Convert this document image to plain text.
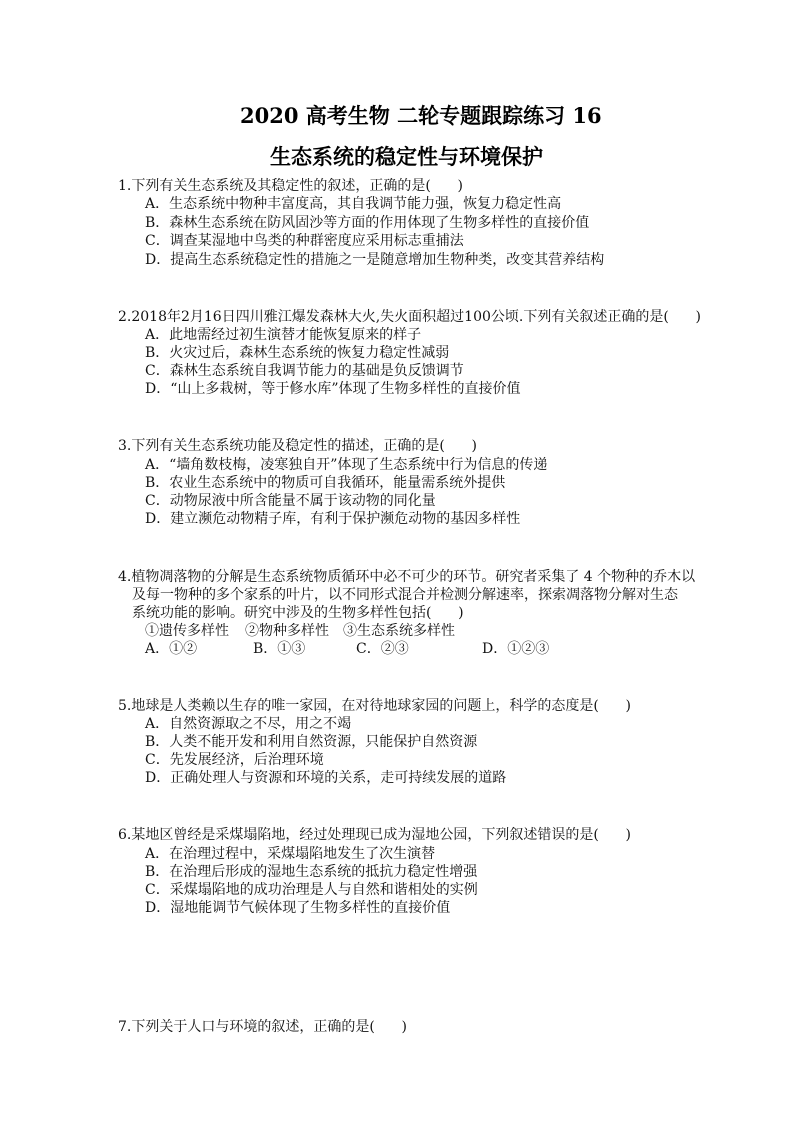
2020 高考生物 二轮专题跟踪练习 16
生态系统的稳定性与环境保护
1.下列有关生态系统及其稳定性的叙述，正确的是(      )
A．生态系统中物种丰富度高，其自我调节能力强，恢复力稳定性高
B．森林生态系统在防风固沙等方面的作用体现了生物多样性的直接价值
C．调查某湿地中鸟类的种群密度应采用标志重捕法
D．提高生态系统稳定性的措施之一是随意增加生物种类，改变其营养结构
2.2018年2月16日四川雅江爆发森林大火,失火面积超过100公顷.下列有关叙述正确的是(      )
A．此地需经过初生演替才能恢复原来的样子
B．火灾过后，森林生态系统的恢复力稳定性减弱
C．森林生态系统自我调节能力的基础是负反馈调节
D．“山上多栽树，等于修水库”体现了生物多样性的直接价值
3.下列有关生态系统功能及稳定性的描述，正确的是(      )
A．“墙角数枝梅，凌寒独自开”体现了生态系统中行为信息的传递
B．农业生态系统中的物质可自我循环，能量需系统外提供
C．动物尿液中所含能量不属于该动物的同化量
D．建立濒危动物精子库，有利于保护濒危动物的基因多样性
4.植物凋落物的分解是生态系统物质循环中必不可少的环节。研究者采集了 4 个物种的乔木以
及每一物种的多个家系的叶片，以不同形式混合并检测分解速率，探索凋落物分解对生态
系统功能的影响。研究中涉及的生物多样性包括(      )
①遗传多样性 ②物种多样性 ③生态系统多样性
A．①②	B．①③	C．②③	D．①②③
5.地球是人类赖以生存的唯一家园，在对待地球家园的问题上，科学的态度是(      )
A．自然资源取之不尽，用之不竭
B．人类不能开发和利用自然资源，只能保护自然资源
C．先发展经济，后治理环境
D．正确处理人与资源和环境的关系，走可持续发展的道路
6.某地区曾经是采煤塌陷地，经过处理现已成为湿地公园，下列叙述错误的是(      )
A．在治理过程中，采煤塌陷地发生了次生演替
B．在治理后形成的湿地生态系统的抵抗力稳定性增强
C．采煤塌陷地的成功治理是人与自然和谐相处的实例
D．湿地能调节气候体现了生物多样性的直接价值
7.下列关于人口与环境的叙述，正确的是(      )
